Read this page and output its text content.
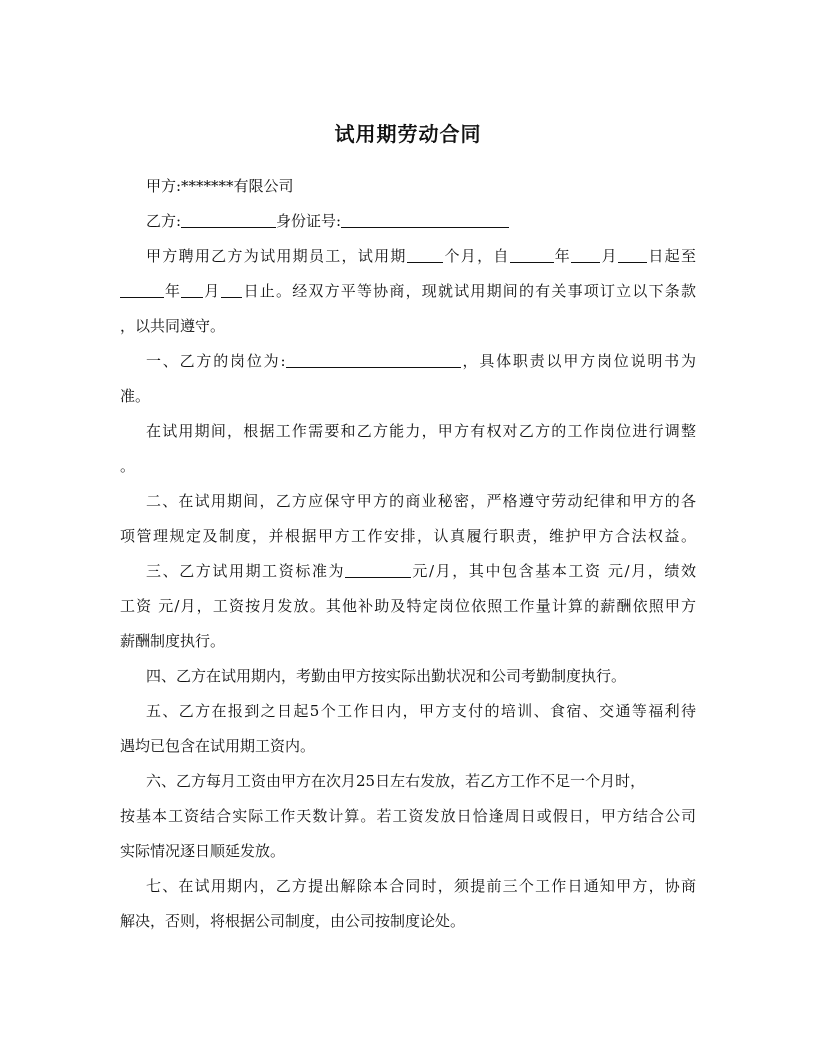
试用期劳动合同
甲方:*******有限公司
乙方:	身份证号:
甲方聘用乙方为试用期员工，试用期 个月，自	年 月 日起至
年 月 日止。经双方平等协商，现就试用期间的有关事项订立以下条款
，以共同遵守。
一、乙方的岗位为:	，具体职责以甲方岗位说明书为
准。
在试用期间，根据工作需要和乙方能力，甲方有权对乙方的工作岗位进行调整
。
二、在试用期间，乙方应保守甲方的商业秘密，严格遵守劳动纪律和甲方的各
项管理规定及制度，并根据甲方工作安排，认真履行职责，维护甲方合法权益。
三、乙方试用期工资标准为	元/月，其中包含基本工资 元/月，绩效
工资 元/月，工资按月发放。其他补助及特定岗位依照工作量计算的薪酬依照甲方
薪酬制度执行。
四、乙方在试用期内，考勤由甲方按实际出勤状况和公司考勤制度执行。
五、乙方在报到之日起5个工作日内，甲方支付的培训、食宿、交通等福利待
遇均已包含在试用期工资内。
六、乙方每月工资由甲方在次月25日左右发放，若乙方工作不足一个月时，
按基本工资结合实际工作天数计算。若工资发放日恰逢周日或假日，甲方结合公司
实际情况逐日顺延发放。
七、在试用期内，乙方提出解除本合同时，须提前三个工作日通知甲方，协商
解决，否则，将根据公司制度，由公司按制度论处。
